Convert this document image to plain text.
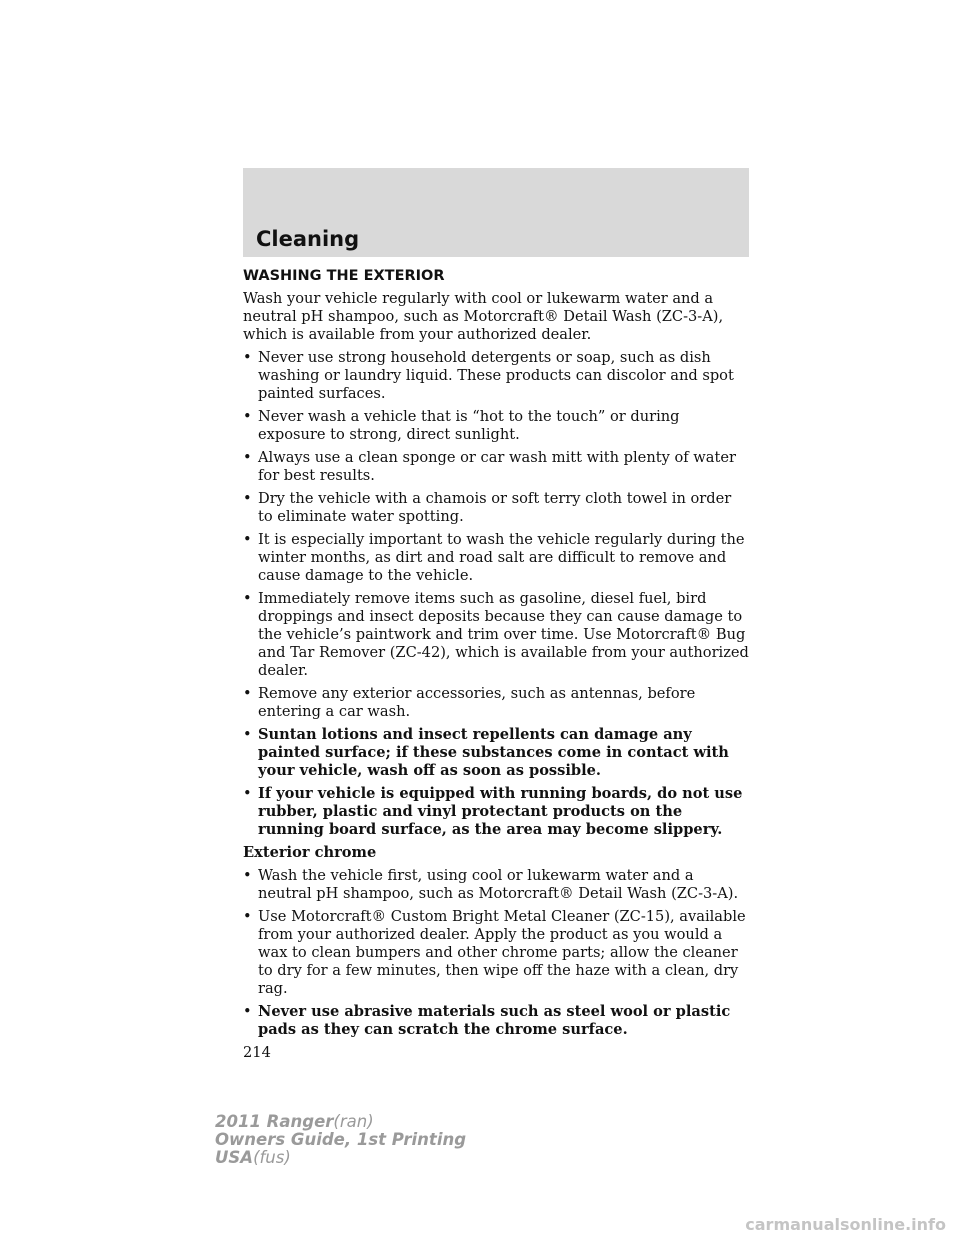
Cleaning
WASHING THE EXTERIOR

Wash your vehicle regularly with cool or lukewarm water and a neutral pH shampoo, such as Motorcraft® Detail Wash (ZC-3-A), which is available from your authorized dealer.

• Never use strong household detergents or soap, such as dish washing or laundry liquid. These products can discolor and spot painted surfaces.
• Never wash a vehicle that is “hot to the touch” or during exposure to strong, direct sunlight.
• Always use a clean sponge or car wash mitt with plenty of water for best results.
• Dry the vehicle with a chamois or soft terry cloth towel in order to eliminate water spotting.
• It is especially important to wash the vehicle regularly during the winter months, as dirt and road salt are difficult to remove and cause damage to the vehicle.
• Immediately remove items such as gasoline, diesel fuel, bird droppings and insect deposits because they can cause damage to the vehicle’s paintwork and trim over time. Use Motorcraft® Bug and Tar Remover (ZC-42), which is available from your authorized dealer.
• Remove any exterior accessories, such as antennas, before entering a car wash.
• Suntan lotions and insect repellents can damage any painted surface; if these substances come in contact with your vehicle, wash off as soon as possible.
• If your vehicle is equipped with running boards, do not use rubber, plastic and vinyl protectant products on the running board surface, as the area may become slippery.
Exterior chrome
• Wash the vehicle first, using cool or lukewarm water and a neutral pH shampoo, such as Motorcraft® Detail Wash (ZC-3-A).
• Use Motorcraft® Custom Bright Metal Cleaner (ZC-15), available from your authorized dealer. Apply the product as you would a wax to clean bumpers and other chrome parts; allow the cleaner to dry for a few minutes, then wipe off the haze with a clean, dry rag.
• Never use abrasive materials such as steel wool or plastic pads as they can scratch the chrome surface.
214
2011 Ranger(ran)
Owners Guide, 1st Printing
USA(fus)
carmanualsonline.info
